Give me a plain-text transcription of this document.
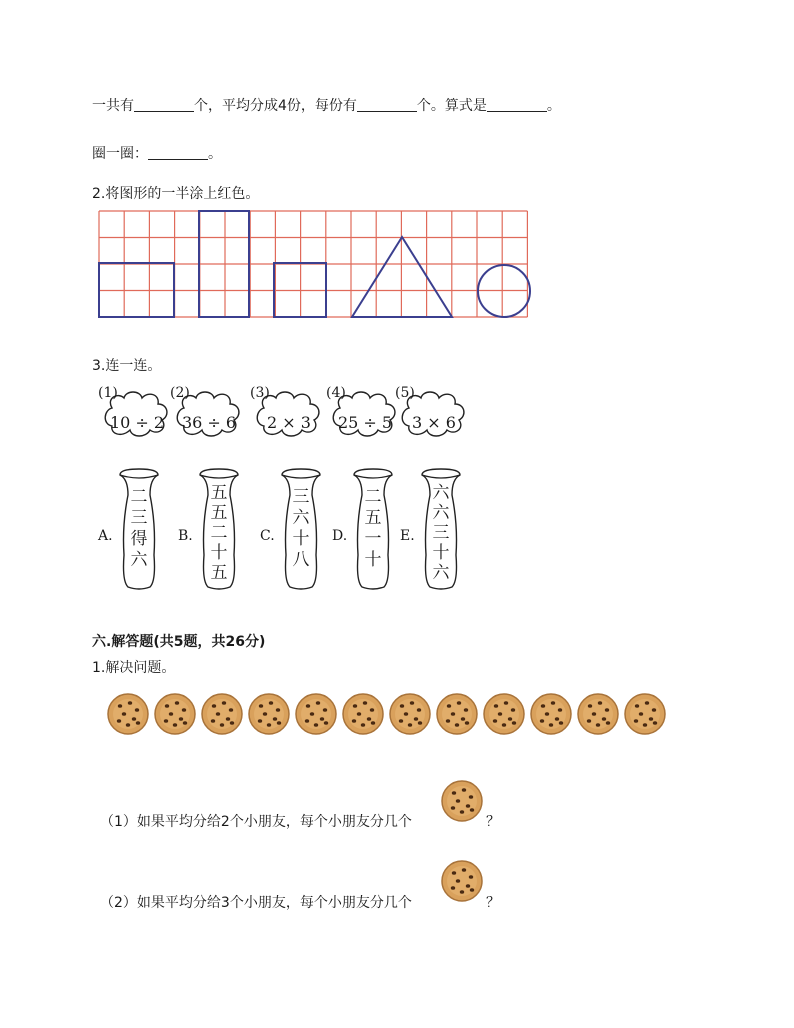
一共有	个，平均分成4份，每份有	个。算式是	。
圈一圈：	。
2.将图形的一半涂上红色。
3.连一连。
(1)
10 ÷ 2
(2)
36 ÷ 6
(3)
2 × 3
(4)
25 ÷ 5
(5)
3 × 6
A.
二
三
得
六
B.
五
五
二
十
五
C.
三
六
十
八
D.
二
五
一
十
E.
六
六
三
十
六
六.解答题(共5题，共26分)
1.解决问题。
（1）如果平均分给2个小朋友，每个小朋友分几个	？
（2）如果平均分给3个小朋友，每个小朋友分几个	？
